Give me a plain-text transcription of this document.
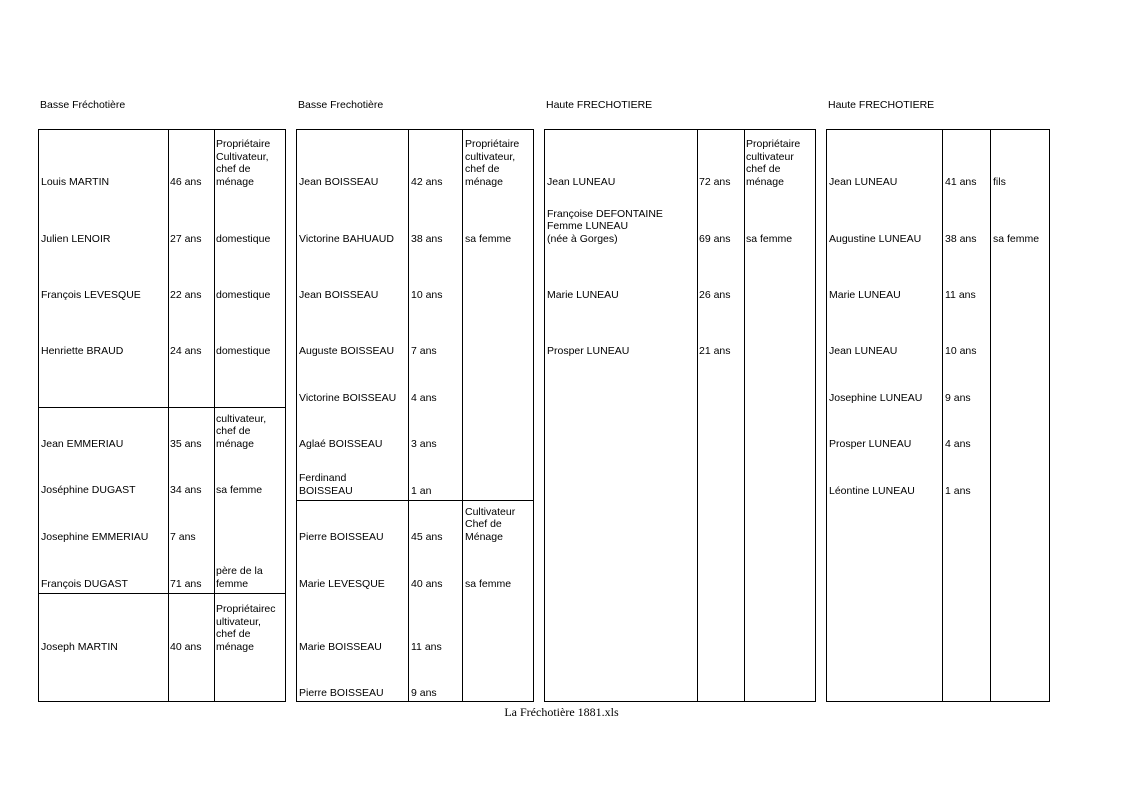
Basse Fréchotière	Basse Frechotière	Haute FRECHOTIERE	Haute FRECHOTIERE
Louis MARTIN	46 ans
Propriétaire
Cultivateur,
chef de
ménage
Julien LENOIR	27 ans	domestique
François LEVESQUE	22 ans	domestique
Henriette BRAUD	24 ans	domestique
Jean EMMERIAU	35 ans
cultivateur,
chef de
ménage
Joséphine DUGAST	34 ans	sa femme
Josephine EMMERIAU	7 ans
François DUGAST	71 ans
père de la
femme
Joseph MARTIN	40 ans
Propriétairec
ultivateur,
chef de
ménage
Jean BOISSEAU	42 ans
Propriétaire
cultivateur,
chef de
ménage
Victorine BAHUAUD	38 ans	sa femme
Jean BOISSEAU	10 ans
Auguste BOISSEAU	7 ans
Victorine BOISSEAU	4 ans
Aglaé BOISSEAU	3 ans
Ferdinand
BOISSEAU	1 an
Pierre BOISSEAU	45 ans
Cultivateur
Chef de
Ménage
Marie LEVESQUE	40 ans	sa femme
Marie BOISSEAU	11 ans
Pierre BOISSEAU	9 ans
Jean LUNEAU	72 ans
Propriétaire
cultivateur
chef de
ménage
Françoise DEFONTAINE
Femme LUNEAU
(née à Gorges)	69 ans	sa femme
Marie LUNEAU	26 ans
Prosper LUNEAU	21 ans
Jean LUNEAU	41 ans	fils
Augustine LUNEAU	38 ans	sa femme
Marie LUNEAU	11 ans
Jean LUNEAU	10 ans
Josephine LUNEAU	9 ans
Prosper LUNEAU	4 ans
Léontine LUNEAU	1 ans
La Fréchotière 1881.xls
